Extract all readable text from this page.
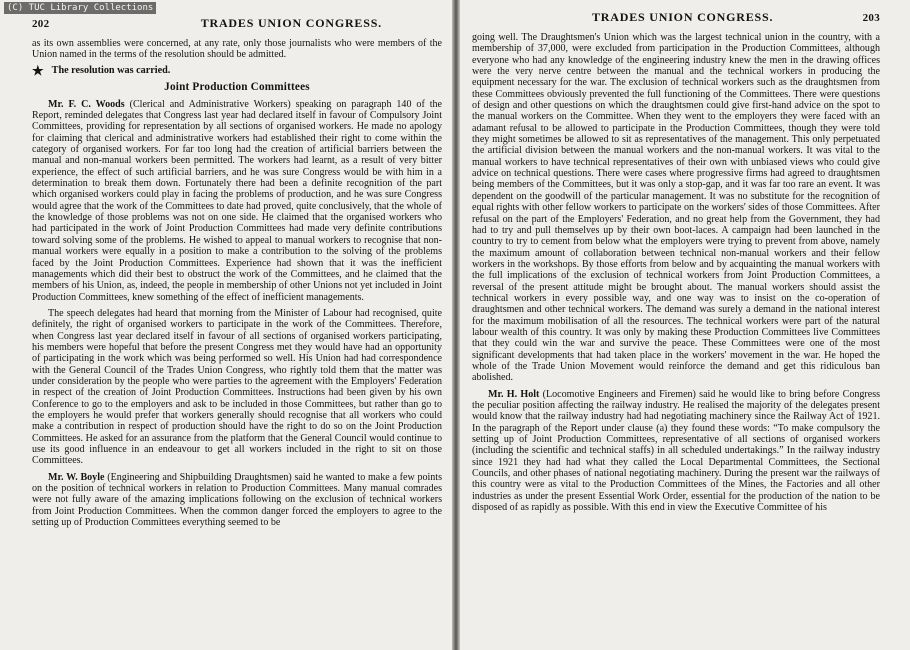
(C) TUC Library Collections
202	TRADES UNION CONGRESS.

as its own assemblies were concerned, at any rate, only those journalists who were members of the Union named in the terms of the resolution should be admitted.

★ The resolution was carried.
Joint Production Committees

Mr. F. C. Woods (Clerical and Administrative Workers) speaking on paragraph 140 of the Report, reminded delegates that Congress last year had declared itself in favour of Compulsory Joint Committees, providing for representation by all sections of organised workers. He made no apology for claiming that clerical and administrative workers had established their right to come within the category of organised workers. For far too long had the creation of artificial barriers between the manual and non-manual workers been permitted. The workers had learnt, as a result of very bitter experience, the effect of such artificial barriers, and he was sure Congress would be with him in a determination to break them down. Fortunately there had been a definite recognition of the part which organised workers could play in facing the problems of production, and he was sure Congress would agree that the work of the Committees to date had proved, quite conclusively, that the whole of the knowledge of those problems was not on one side. He claimed that the organised workers who had participated in the work of Joint Production Committees had made very definite contributions toward solving some of the problems. He wished to appeal to manual workers to recognise that non-manual workers were equally in a position to make a contribution to the solving of the problems faced by the Joint Production Committees. Experience had shown that it was the inefficient managements which did their best to obstruct the work of the Committees, and he claimed that the members of his Union, as, indeed, the people in membership of other Unions not yet included in Joint Production Committees, knew something of the effect of inefficient managements.

The speech delegates had heard that morning from the Minister of Labour had recognised, quite definitely, the right of organised workers to participate in the work of the Committees. Therefore, when Congress last year declared itself in favour of all sections of organised workers participating, his members were hopeful that before the present Congress met they would have had an opportunity of participating in the work which was being performed so well. His Union had had correspondence with the General Council of the Trades Union Congress, who rightly told them that the matter was under consideration by the people who were parties to the agreement with the Employers' Federation in respect of the creation of Joint Production Committees. Instructions had been given by his own Conference to go to the employers and ask to be included in those Committees, but rather than go to the employers he would prefer that workers generally should recognise that all workers who could make a contribution in respect of production should have the right to do so on the Joint Production Committees. He asked for an assurance from the platform that the General Council would continue to use its good influence in an endeavour to get all workers included in the right to sit on those Committees.

Mr. W. Boyle (Engineering and Shipbuilding Draughtsmen) said he wanted to make a few points on the position of technical workers in relation to Production Committees. Many manual comrades were not fully aware of the amazing implications following on the exclusion of technical workers from Joint Production Committees. When the common danger forced the employers to agree to the setting up of Production Committees everything seemed to be

TRADES UNION CONGRESS.	203

going well. The Draughtsmen's Union which was the largest technical union in the country, with a membership of 37,000, were excluded from participation in the Production Committees, although everyone who had any knowledge of the engineering industry knew the men in the drawing offices were the very nerve centre between the manual and the technical workers in producing the equipment necessary for the war. The exclusion of technical workers such as the draughtsmen from these Committees obviously prevented the full functioning of the Committees. There were questions of design and other questions on which the draughtsmen could give first-hand advice on the spot to the manual workers on the Committee. When they went to the employers they were faced with an adamant refusal to be allowed to participate in the Production Committees, though they were told they might sometimes be allowed to sit as representatives of the management. This only perpetuated the artificial division between the manual workers and the non-manual workers. It was vital to the manual workers to have technical representatives of their own with unbiased views who could give advice on technical questions. There were cases where progressive firms had agreed to draughtsmen being members of the Committees, but it was only a stop-gap, and it was far too rare an event. It was dependent on the goodwill of the particular management. It was no substitute for the recognition of equal rights with other fellow workers to participate on the workers' sides of those Committees. After refusal on the part of the Employers' Federation, and no great help from the Government, they had had to try and pull themselves up by their own boot-laces. A campaign had been launched in the country to try to cement from below what the employers were trying to prevent from above, namely the maximum amount of collaboration between technical non-manual workers and their fellow workers in the workshops. By those efforts from below and by acquainting the manual workers with the full implications of the exclusion of technical workers from Joint Production Committees, a reversal of the present attitude might be brought about. The manual workers should assist the technical workers in every possible way, and one way was to insist on the co-operation of draughtsmen and other technical workers. The demand was surely a demand in the national interest for the maximum mobilisation of all the resources. The technical workers were part of the natural labour wealth of this country. It was only by making these Production Committees live Committees that they could win the war and survive the peace. These Committees were one of the most significant developments that had taken place in the workers' movement in the war. He hoped the whole of the Trade Union Movement would reinforce the demand and get this ridiculous ban abolished.

Mr. H. Holt (Locomotive Engineers and Firemen) said he would like to bring before Congress the peculiar position affecting the railway industry. He realised the majority of the delegates present would know that the railway industry had had negotiating machinery since the Railway Act of 1921. In the paragraph of the Report under clause (a) they found these words: “To make compulsory the setting up of Joint Production Committees, representative of all sections of organised workers (including the scientific and technical staffs) in all scheduled undertakings.” In the railway industry since 1921 they had had what they called the Local Departmental Committees, the Sectional Councils, and other phases of national negotiating machinery. During the present war the railways of this country were as vital to the Production Committees of the Mines, the Factories and all other industries as under the present Essential Work Order, essential for the production of the nation to be disposed of as rapidly as possible. With this end in view the Executive Committee of his
